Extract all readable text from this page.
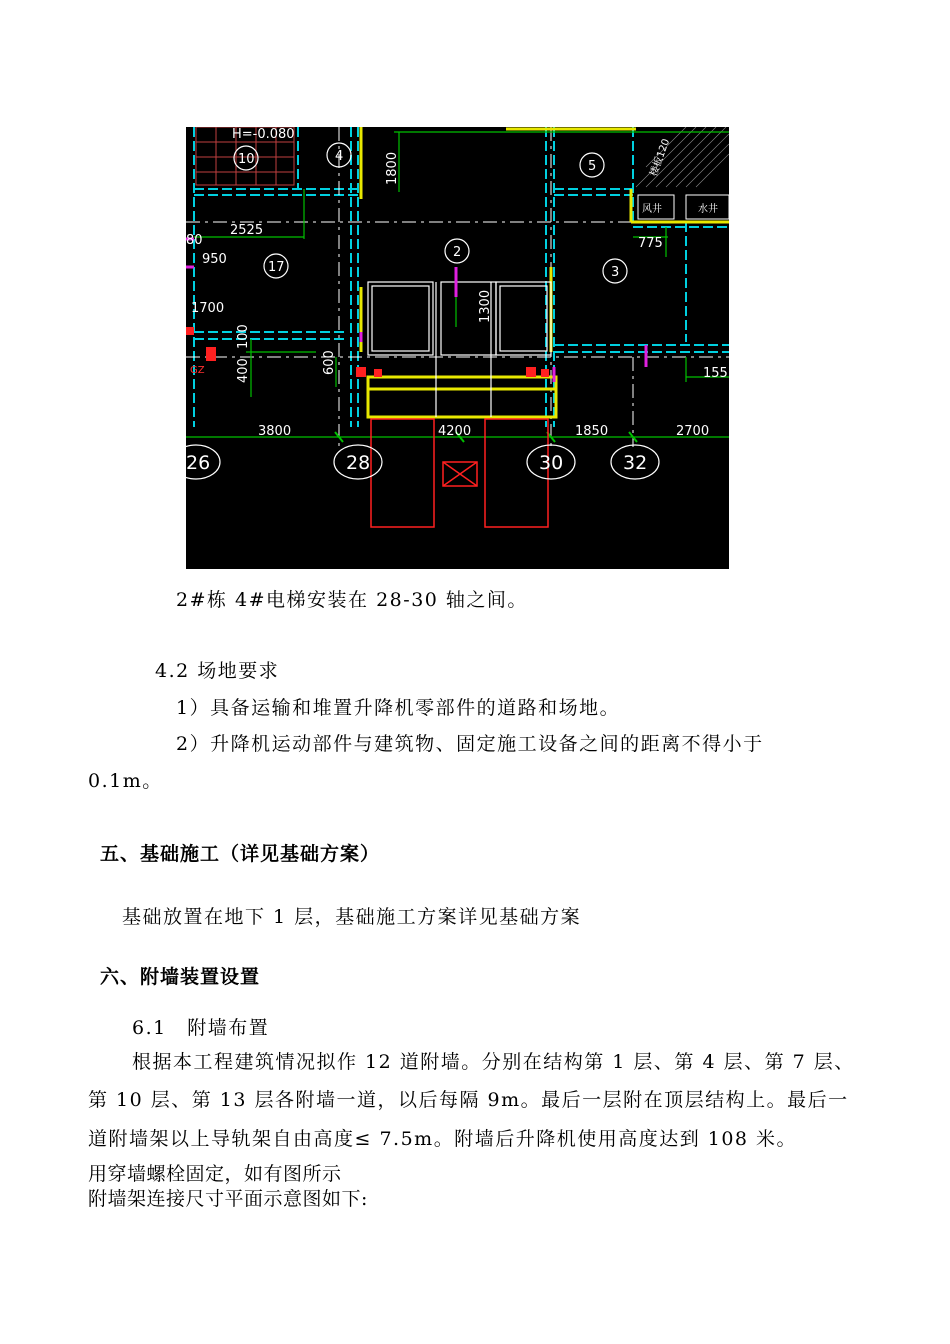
H=-0.080
10	4
5
2
17	3
1800
2525
80
950
1700
100
400	600
1300
775
155
3800	4200	1850	2700
26	28	30	32
风井	水井
楼板120
GZ
2#栋 4#电梯安装在 28-30 轴之间。
4.2 场地要求
1）具备运输和堆置升降机零部件的道路和场地。
2）升降机运动部件与建筑物、固定施工设备之间的距离不得小于
0.1m。
五、基础施工（详见基础方案）
基础放置在地下 1 层，基础施工方案详见基础方案
六、附墙装置设置
6.1　附墙布置
根据本工程建筑情况拟作 12 道附墙。分别在结构第 1 层、第 4 层、第 7 层、
第 10 层、第 13 层各附墙一道，以后每隔 9m。最后一层附在顶层结构上。最后一
道附墙架以上导轨架自由高度≤ 7.5m。附墙后升降机使用高度达到 108 米。
用穿墙螺栓固定，如有图所示
附墙架连接尺寸平面示意图如下:
